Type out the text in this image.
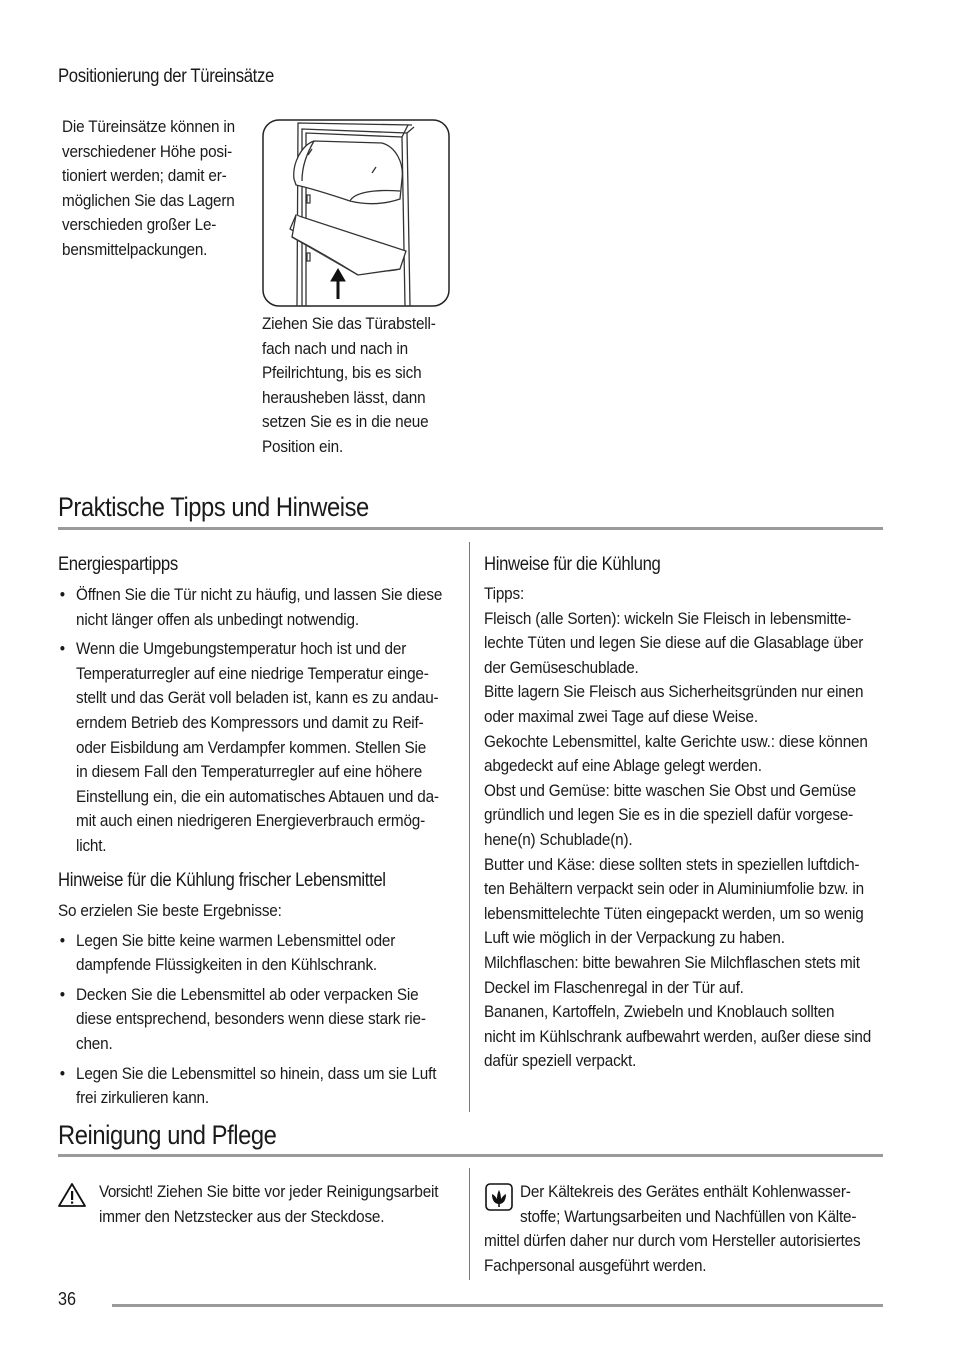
Positionierung der Türeinsätze
Die Türeinsätze können in
verschiedener Höhe posi-
tioniert werden; damit er-
möglichen Sie das Lagern
verschieden großer Le-
bensmittelpackungen.
Ziehen Sie das Türabstell-
fach nach und nach in
Pfeilrichtung, bis es sich
herausheben lässt, dann
setzen Sie es in die neue
Position ein.
Praktische Tipps und Hinweise
Energiespartipps
• Öffnen Sie die Tür nicht zu häufig, und lassen Sie diese
nicht länger offen als unbedingt notwendig.
• Wenn die Umgebungstemperatur hoch ist und der
Temperaturregler auf eine niedrige Temperatur einge-
stellt und das Gerät voll beladen ist, kann es zu andau-
erndem Betrieb des Kompressors und damit zu Reif-
oder Eisbildung am Verdampfer kommen. Stellen Sie
in diesem Fall den Temperaturregler auf eine höhere
Einstellung ein, die ein automatisches Abtauen und da-
mit auch einen niedrigeren Energieverbrauch ermög-
licht.
Hinweise für die Kühlung frischer Lebensmittel
So erzielen Sie beste Ergebnisse:
• Legen Sie bitte keine warmen Lebensmittel oder
dampfende Flüssigkeiten in den Kühlschrank.
• Decken Sie die Lebensmittel ab oder verpacken Sie
diese entsprechend, besonders wenn diese stark rie-
chen.
• Legen Sie die Lebensmittel so hinein, dass um sie Luft
frei zirkulieren kann.
Hinweise für die Kühlung
Tipps:
Fleisch (alle Sorten): wickeln Sie Fleisch in lebensmitte-
lechte Tüten und legen Sie diese auf die Glasablage über
der Gemüseschublade.
Bitte lagern Sie Fleisch aus Sicherheitsgründen nur einen
oder maximal zwei Tage auf diese Weise.
Gekochte Lebensmittel, kalte Gerichte usw.: diese können
abgedeckt auf eine Ablage gelegt werden.
Obst und Gemüse: bitte waschen Sie Obst und Gemüse
gründlich und legen Sie es in die speziell dafür vorgese-
hene(n) Schublade(n).
Butter und Käse: diese sollten stets in speziellen luftdich-
ten Behältern verpackt sein oder in Aluminiumfolie bzw. in
lebensmittelechte Tüten eingepackt werden, um so wenig
Luft wie möglich in der Verpackung zu haben.
Milchflaschen: bitte bewahren Sie Milchflaschen stets mit
Deckel im Flaschenregal in der Tür auf.
Bananen, Kartoffeln, Zwiebeln und Knoblauch sollten
nicht im Kühlschrank aufbewahrt werden, außer diese sind
dafür speziell verpackt.
Reinigung und Pflege
Vorsicht! Ziehen Sie bitte vor jeder Reinigungsarbeit
immer den Netzstecker aus der Steckdose.
Der Kältekreis des Gerätes enthält Kohlenwasser-
stoffe; Wartungsarbeiten und Nachfüllen von Kälte-
mittel dürfen daher nur durch vom Hersteller autorisiertes
Fachpersonal ausgeführt werden.
36
